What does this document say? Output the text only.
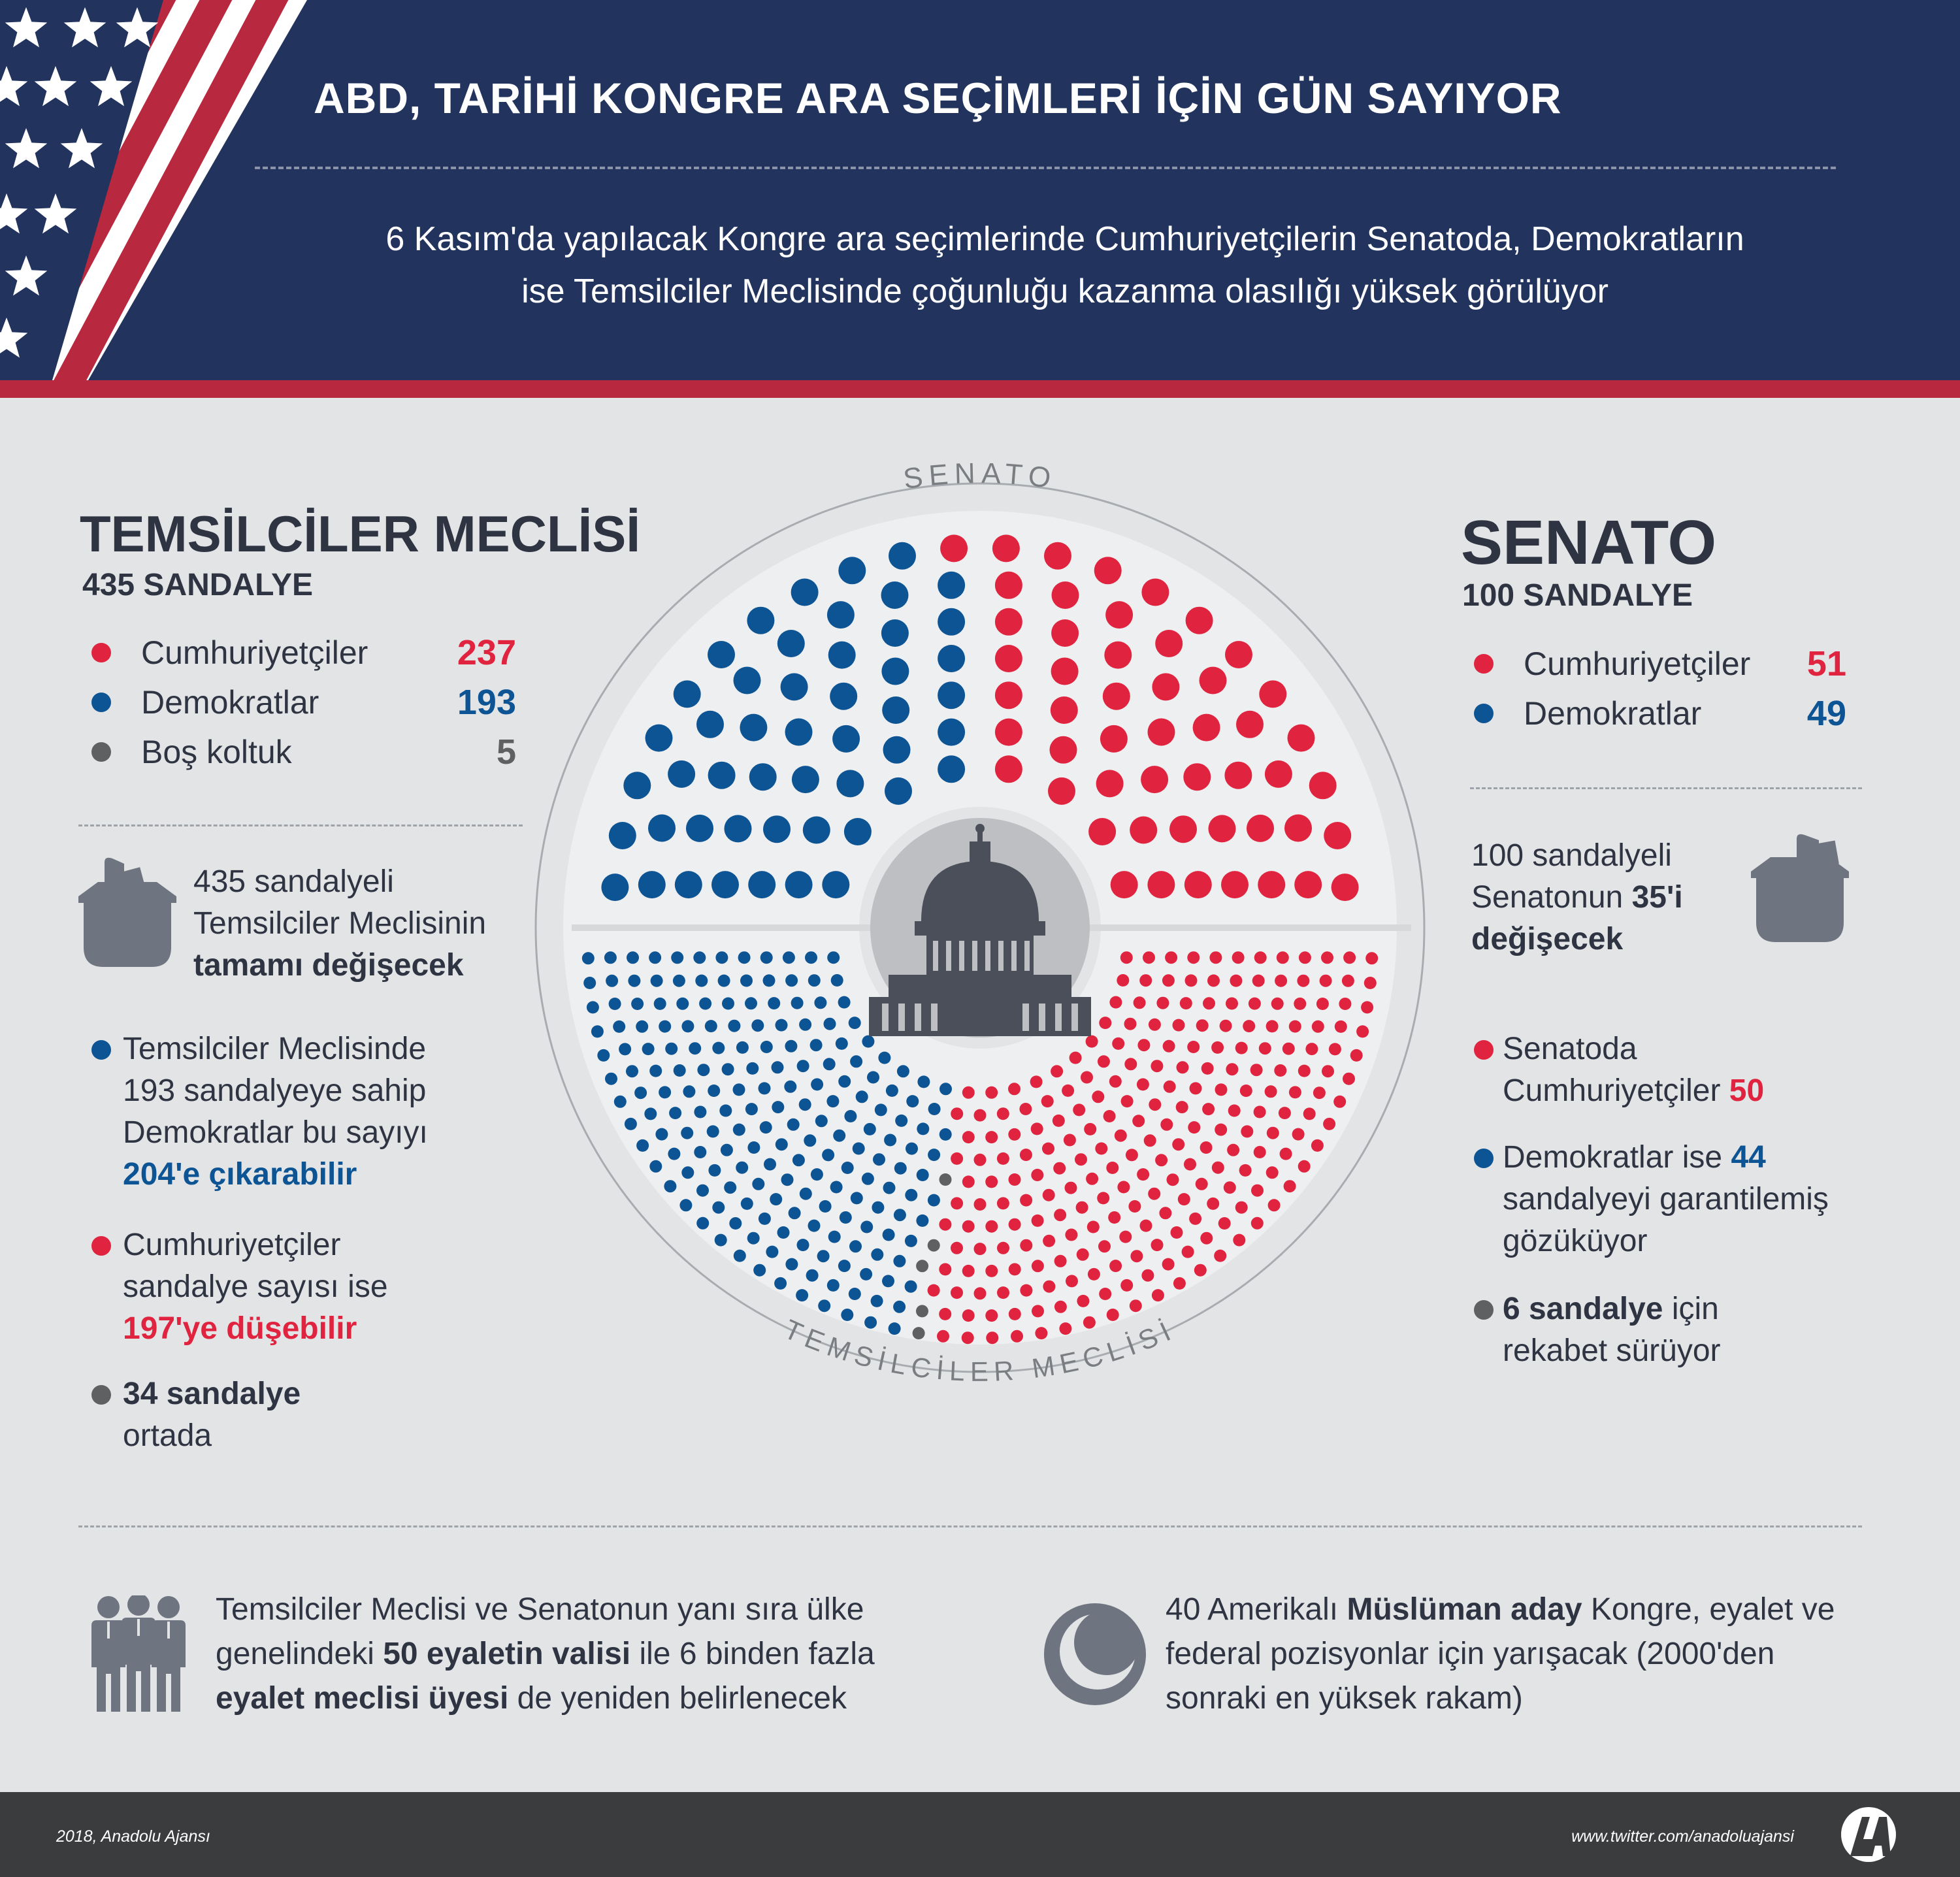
ABD, TARİHİ KONGRE ARA SEÇİMLERİ İÇİN GÜN SAYIYOR
6 Kasım'da yapılacak Kongre ara seçimlerinde Cumhuriyetçilerin Senatoda, Demokratların
ise Temsilciler Meclisinde çoğunluğu kazanma olasılığı yüksek görülüyor
SENATO
TEMSİLCİLER MECLİSİ
TEMSİLCİLER MECLİSİ
435 SANDALYE
Cumhuriyetçiler	237
Demokratlar	193
Boş koltuk	5
435 sandalyeli
Temsilciler Meclisinin
tamamı değişecek
Temsilciler Meclisinde
193 sandalyeye sahip
Demokratlar bu sayıyı
204'e çıkarabilir
Cumhuriyetçiler
sandalye sayısı ise
197'ye düşebilir
34 sandalye
ortada
SENATO
100 SANDALYE
Cumhuriyetçiler 51
Demokratlar	49
100 sandalyeli
Senatonun 35'i
değişecek
Senatoda
Cumhuriyetçiler 50
Demokratlar ise 44
sandalyeyi garantilemiş
gözüküyor
6 sandalye için
rekabet sürüyor
Temsilciler Meclisi ve Senatonun yanı sıra ülke
genelindeki 50 eyaletin valisi ile 6 binden fazla
eyalet meclisi üyesi de yeniden belirlenecek
40 Amerikalı Müslüman aday Kongre, eyalet ve
federal pozisyonlar için yarışacak (2000'den
sonraki en yüksek rakam)
2018, Anadolu Ajansı	www.twitter.com/anadoluajansi
